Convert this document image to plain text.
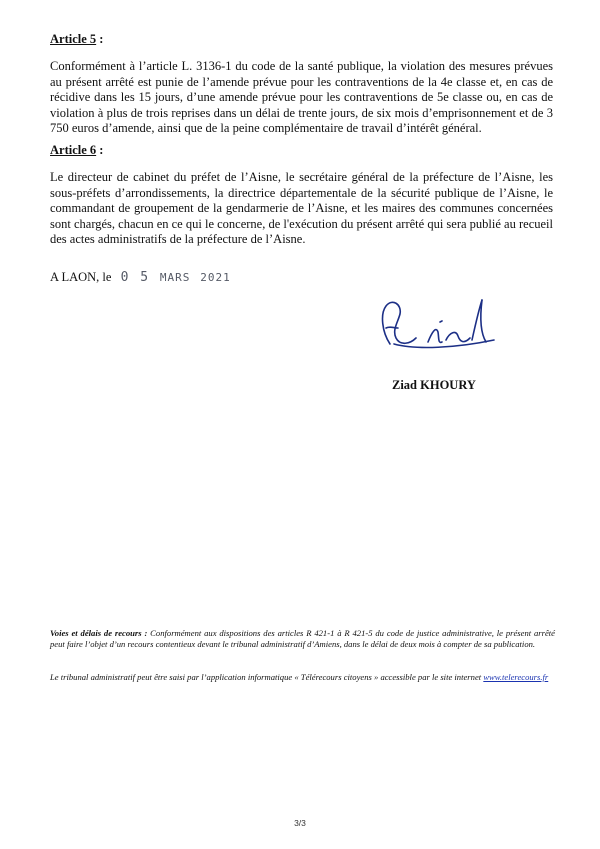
Article 5 :

Conformément à l’article L. 3136-1 du code de la santé publique, la violation des mesures prévues au présent arrêté est punie de l’amende prévue pour les contraventions de la 4e classe et, en cas de récidive dans les 15 jours, d’une amende prévue pour les contraventions de 5e classe ou, en cas de violation à plus de trois reprises dans un délai de trente jours, de six mois d’emprisonnement et de 3 750 euros d’amende, ainsi que de la peine complémentaire de travail d’intérêt général.

Article 6 :

Le directeur de cabinet du préfet de l’Aisne, le secrétaire général de la préfecture de l’Aisne, les sous-préfets d’arrondissements, la directrice départementale de la sécurité publique de l’Aisne, le commandant de groupement de la gendarmerie de l’Aisne, et les maires des communes concernées sont chargés, chacun en ce qui le concerne, de l'exécution du présent arrêté qui sera publié au recueil des actes administratifs de la préfecture de l’Aisne.

A LAON, le 0 5 MARS 2021
Ziad KHOURY

Voies et délais de recours : Conformément aux dispositions des articles R 421-1 à R 421-5 du code de justice administrative, le présent arrêté peut faire l’objet d’un recours contentieux devant le tribunal administratif d’Amiens, dans le délai de deux mois à compter de sa publication.

Le tribunal administratif peut être saisi par l’application informatique « Télérecours citoyens » accessible par le site internet www.telerecours.fr

3/3
